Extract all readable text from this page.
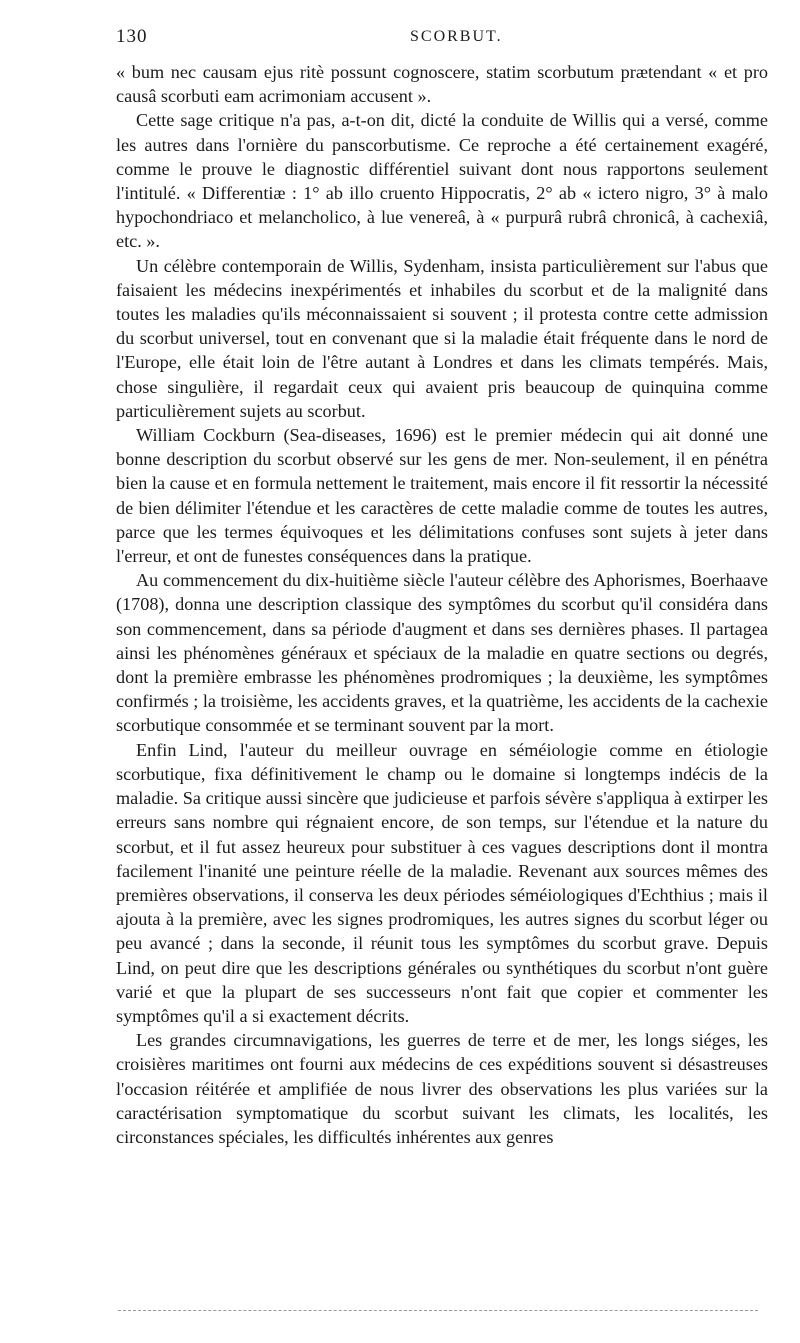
130	SCORBUT.

« bum nec causam ejus ritè possunt cognoscere, statim scorbutum prætendant « et pro causâ scorbuti eam acrimoniam accusent ».

Cette sage critique n'a pas, a-t-on dit, dicté la conduite de Willis qui a versé, comme les autres dans l'ornière du panscorbutisme. Ce reproche a été certainement exagéré, comme le prouve le diagnostic différentiel suivant dont nous rapportons seulement l'intitulé. « Differentiæ : 1° ab illo cruento Hippocratis, 2° ab « ictero nigro, 3° à malo hypochondriaco et melancholico, à lue venereâ, à « purpurâ rubrâ chronicâ, à cachexiâ, etc. ».

Un célèbre contemporain de Willis, Sydenham, insista particulièrement sur l'abus que faisaient les médecins inexpérimentés et inhabiles du scorbut et de la malignité dans toutes les maladies qu'ils méconnaissaient si souvent ; il protesta contre cette admission du scorbut universel, tout en convenant que si la maladie était fréquente dans le nord de l'Europe, elle était loin de l'être autant à Londres et dans les climats tempérés. Mais, chose singulière, il regardait ceux qui avaient pris beaucoup de quinquina comme particulièrement sujets au scorbut.

William Cockburn (Sea-diseases, 1696) est le premier médecin qui ait donné une bonne description du scorbut observé sur les gens de mer. Non-seulement, il en pénétra bien la cause et en formula nettement le traitement, mais encore il fit ressortir la nécessité de bien délimiter l'étendue et les caractères de cette maladie comme de toutes les autres, parce que les termes équivoques et les délimitations confuses sont sujets à jeter dans l'erreur, et ont de funestes conséquences dans la pratique.

Au commencement du dix-huitième siècle l'auteur célèbre des Aphorismes, Boerhaave (1708), donna une description classique des symptômes du scorbut qu'il considéra dans son commencement, dans sa période d'augment et dans ses dernières phases. Il partagea ainsi les phénomènes généraux et spéciaux de la maladie en quatre sections ou degrés, dont la première embrasse les phénomènes prodromiques ; la deuxième, les symptômes confirmés ; la troisième, les accidents graves, et la quatrième, les accidents de la cachexie scorbutique consommée et se terminant souvent par la mort.

Enfin Lind, l'auteur du meilleur ouvrage en séméiologie comme en étiologie scorbutique, fixa définitivement le champ ou le domaine si longtemps indécis de la maladie. Sa critique aussi sincère que judicieuse et parfois sévère s'appliqua à extirper les erreurs sans nombre qui régnaient encore, de son temps, sur l'étendue et la nature du scorbut, et il fut assez heureux pour substituer à ces vagues descriptions dont il montra facilement l'inanité une peinture réelle de la maladie. Revenant aux sources mêmes des premières observations, il conserva les deux périodes séméiologiques d'Echthius ; mais il ajouta à la première, avec les signes prodromiques, les autres signes du scorbut léger ou peu avancé ; dans la seconde, il réunit tous les symptômes du scorbut grave. Depuis Lind, on peut dire que les descriptions générales ou synthétiques du scorbut n'ont guère varié et que la plupart de ses successeurs n'ont fait que copier et commenter les symptômes qu'il a si exactement décrits.

Les grandes circumnavigations, les guerres de terre et de mer, les longs siéges, les croisières maritimes ont fourni aux médecins de ces expéditions souvent si désastreuses l'occasion réitérée et amplifiée de nous livrer des observations les plus variées sur la caractérisation symptomatique du scorbut suivant les climats, les localités, les circonstances spéciales, les difficultés inhérentes aux genres
